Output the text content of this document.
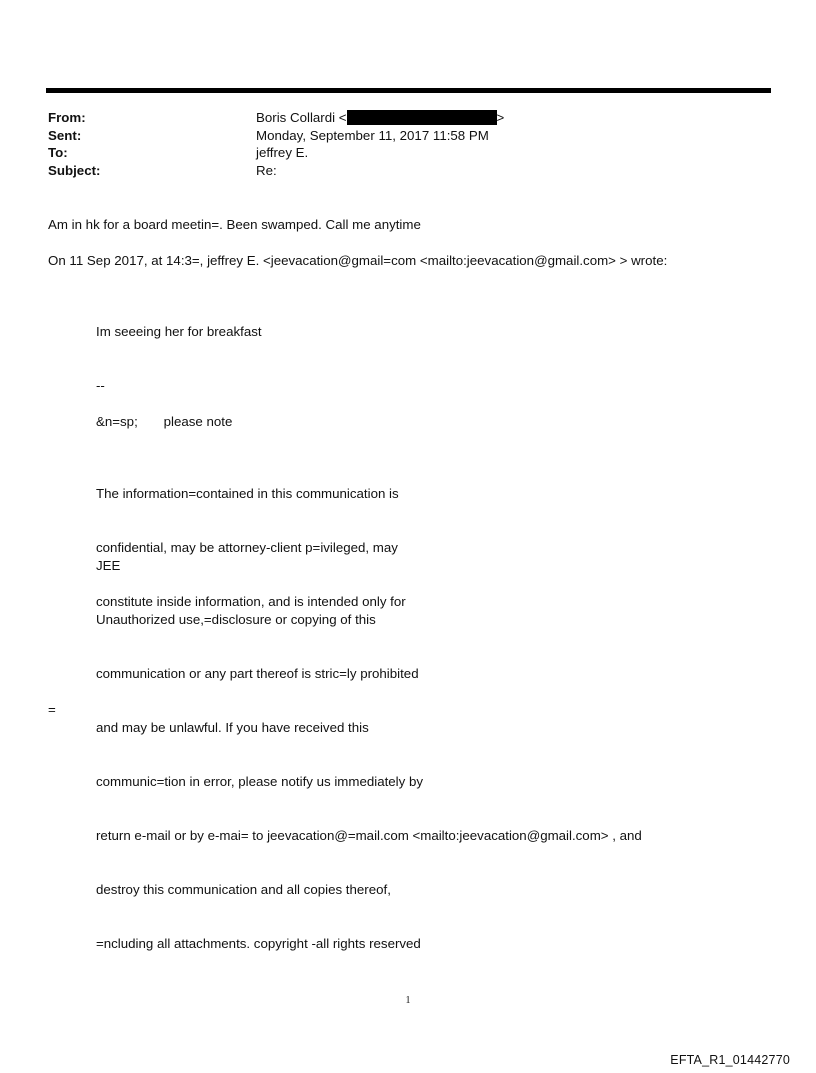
From:	Boris Collardi <	>
Sent:	Monday, September 11, 2017 11:58 PM
To:	jeffrey E.
Subject:	Re:
Am in hk for a board meetin=. Been swamped. Call me anytime
On 11 Sep 2017, at 14:3=, jeffrey E. <jeevacation@gmail=com <mailto:jeevacation@gmail.com> > wrote:
Im seeeing her for breakfast
--
&n=sp;       please note

The information=contained in this communication is

confidential, may be attorney-client p=ivileged, may

constitute inside information, and is intended only for

JEE

Unauthorized use,=disclosure or copying of this

communication or any part thereof is stric=ly prohibited

and may be unlawful. If you have received this

communic=tion in error, please notify us immediately by

return e-mail or by e-mai= to jeevacation@=mail.com <mailto:jeevacation@gmail.com> , and

destroy this communication and all copies thereof,

=ncluding all attachments. copyright -all rights reserved

=
1
EFTA_R1_01442770
